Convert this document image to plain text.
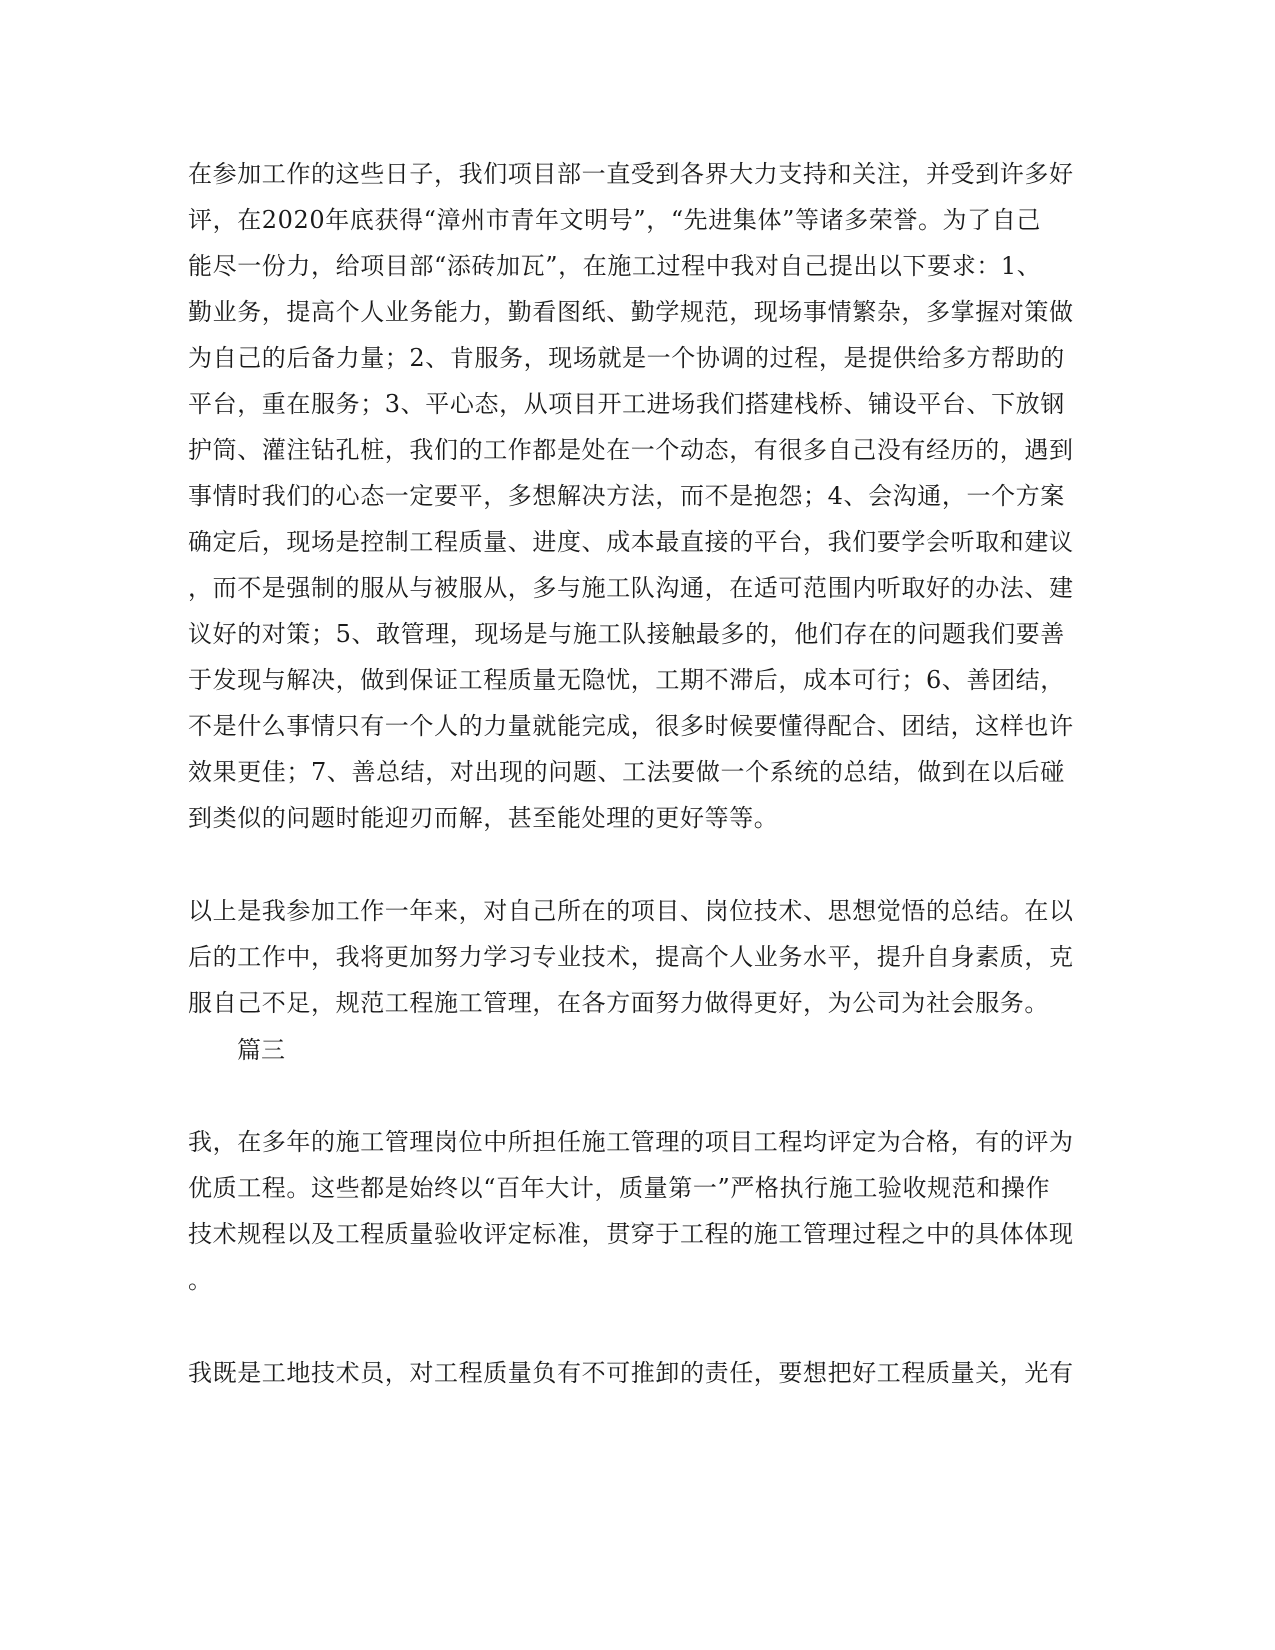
在参加工作的这些日子，我们项目部一直受到各界大力支持和关注，并受到许多好
评，在2020年底获得“漳州市青年文明号”，“先进集体”等诸多荣誉。为了自己
能尽一份力，给项目部“添砖加瓦”，在施工过程中我对自己提出以下要求：1、
勤业务，提高个人业务能力，勤看图纸、勤学规范，现场事情繁杂，多掌握对策做
为自己的后备力量；2、肯服务，现场就是一个协调的过程，是提供给多方帮助的
平台，重在服务；3、平心态，从项目开工进场我们搭建栈桥、铺设平台、下放钢
护筒、灌注钻孔桩，我们的工作都是处在一个动态，有很多自己没有经历的，遇到
事情时我们的心态一定要平，多想解决方法，而不是抱怨；4、会沟通，一个方案
确定后，现场是控制工程质量、进度、成本最直接的平台，我们要学会听取和建议
，而不是强制的服从与被服从，多与施工队沟通，在适可范围内听取好的办法、建
议好的对策；5、敢管理，现场是与施工队接触最多的，他们存在的问题我们要善
于发现与解决，做到保证工程质量无隐忧，工期不滞后，成本可行；6、善团结，
不是什么事情只有一个人的力量就能完成，很多时候要懂得配合、团结，这样也许
效果更佳；7、善总结，对出现的问题、工法要做一个系统的总结，做到在以后碰
到类似的问题时能迎刃而解，甚至能处理的更好等等。
以上是我参加工作一年来，对自己所在的项目、岗位技术、思想觉悟的总结。在以
后的工作中，我将更加努力学习专业技术，提高个人业务水平，提升自身素质，克
服自己不足，规范工程施工管理，在各方面努力做得更好，为公司为社会服务。
篇三
我，在多年的施工管理岗位中所担任施工管理的项目工程均评定为合格，有的评为
优质工程。这些都是始终以“百年大计，质量第一”严格执行施工验收规范和操作
技术规程以及工程质量验收评定标准，贯穿于工程的施工管理过程之中的具体体现
。
我既是工地技术员，对工程质量负有不可推卸的责任，要想把好工程质量关，光有
